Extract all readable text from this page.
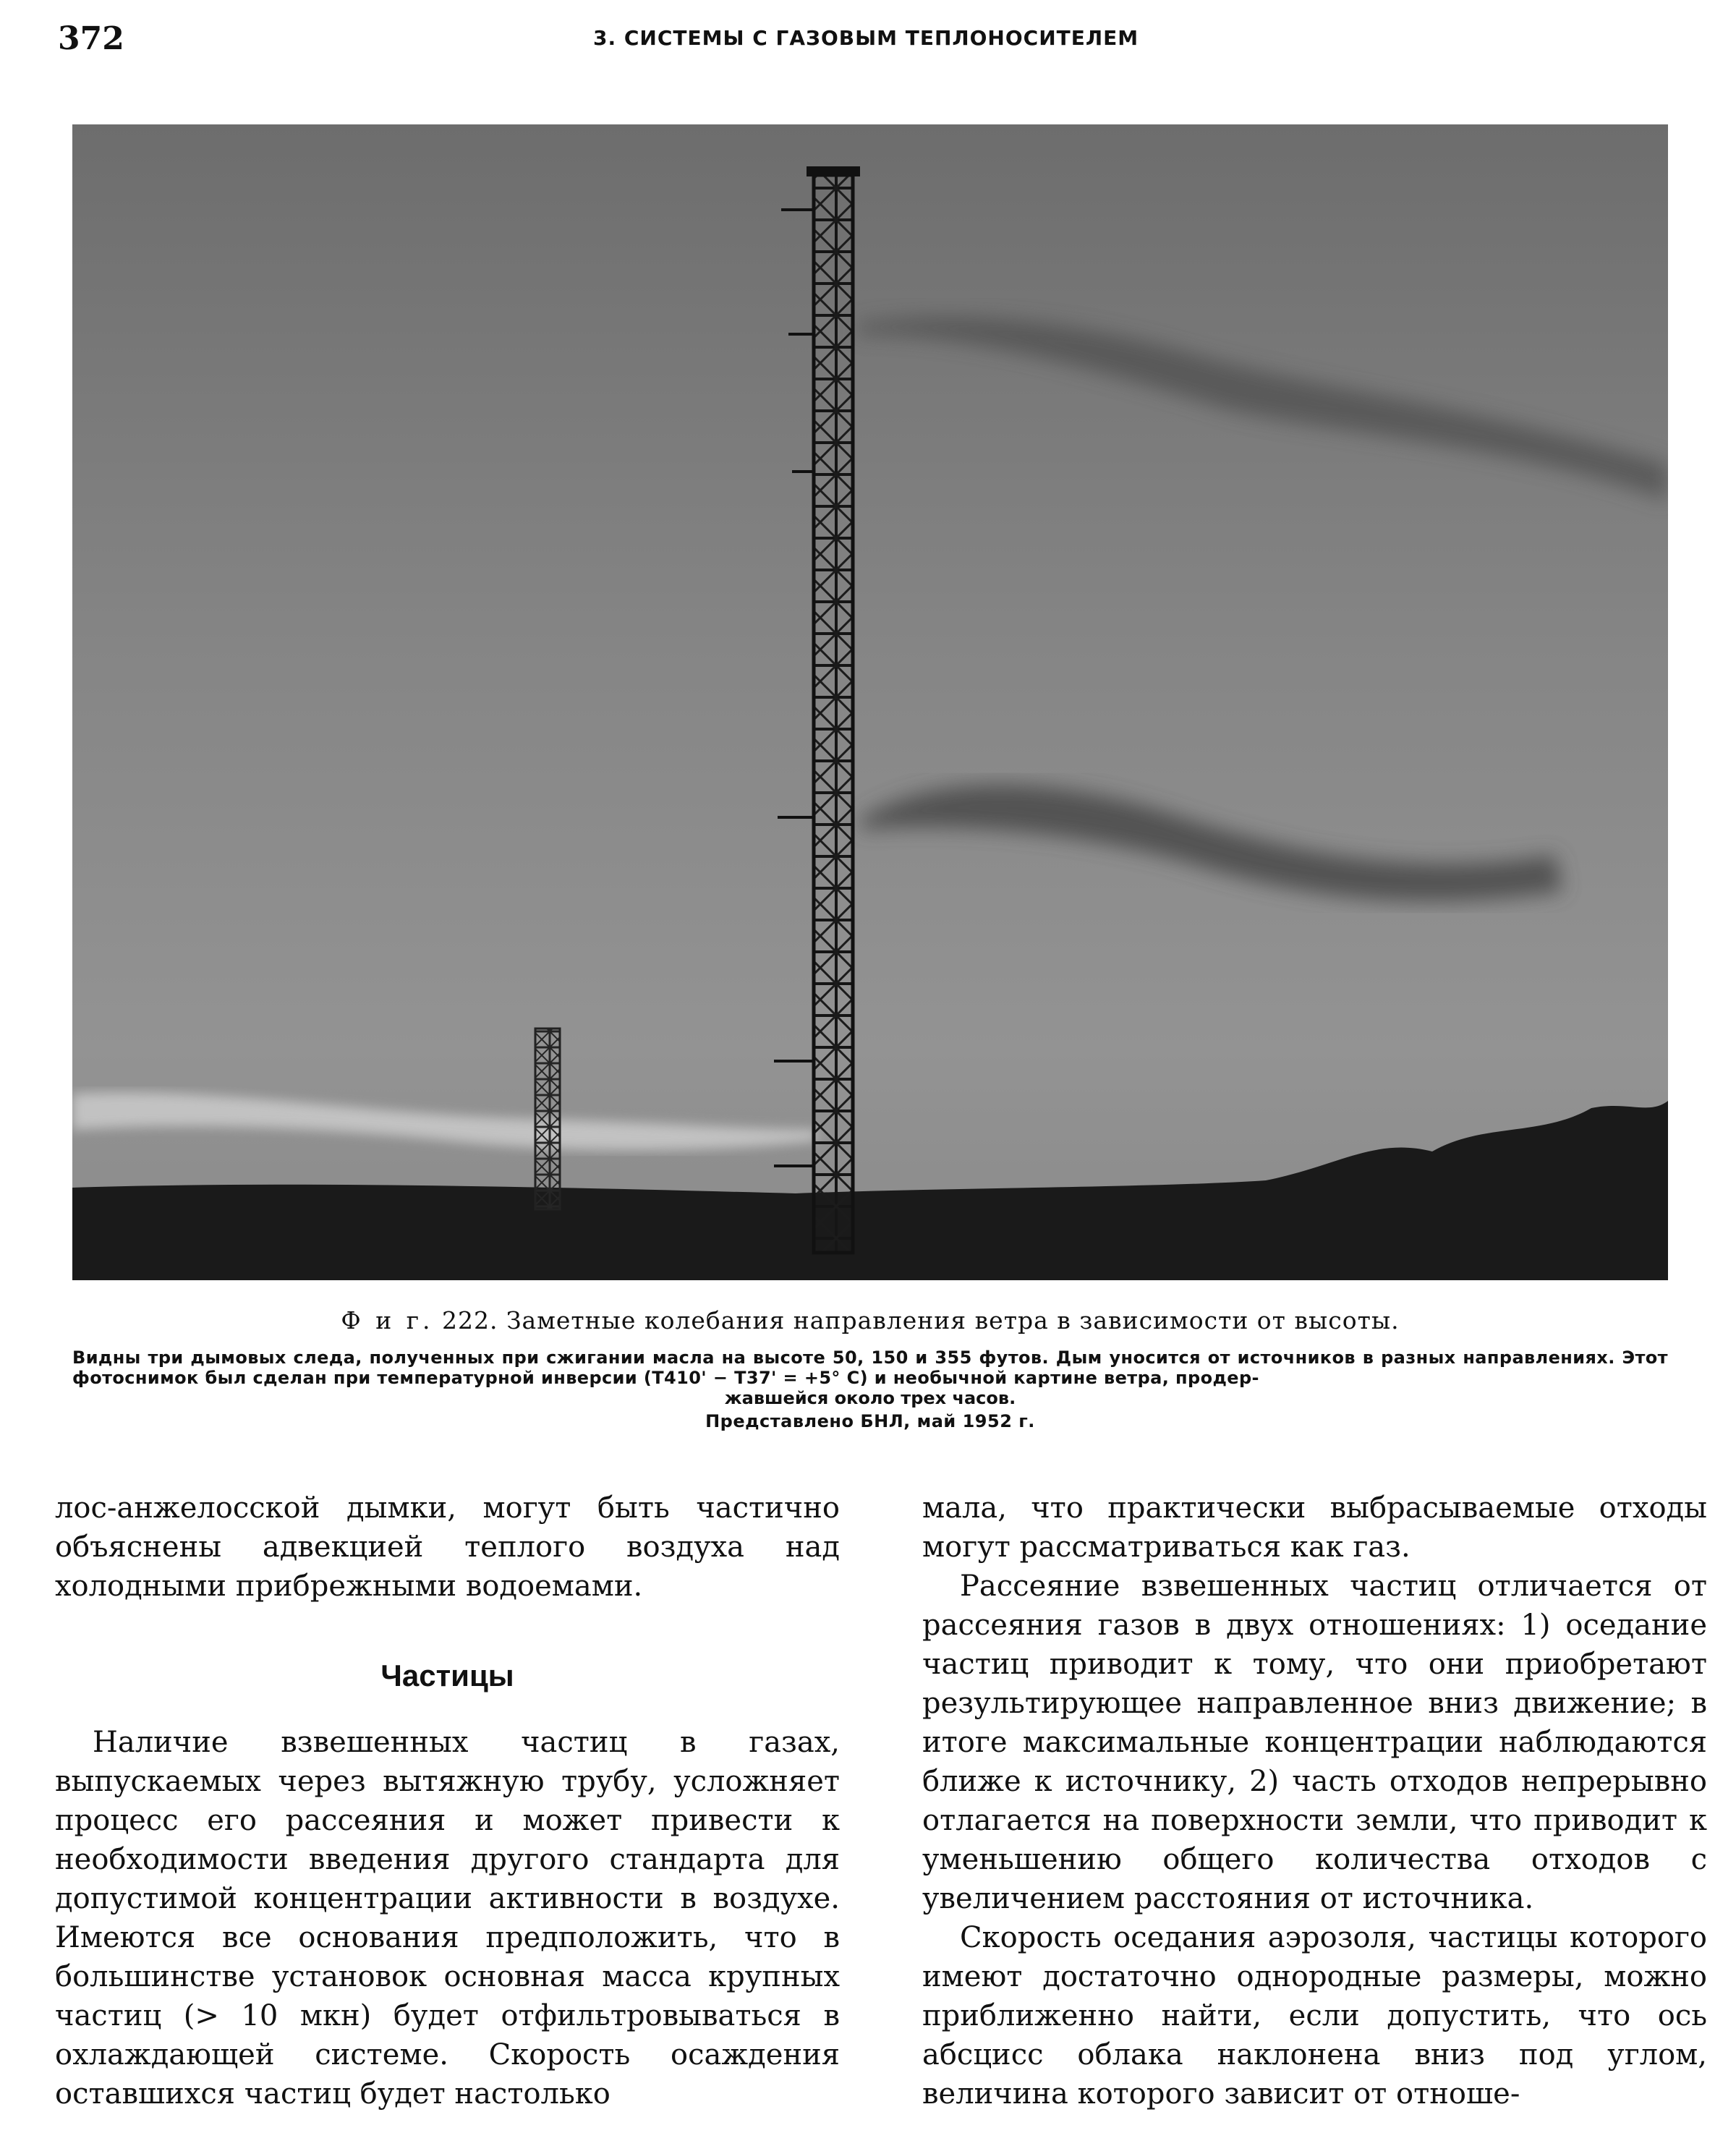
372	3. СИСТЕМЫ С ГАЗОВЫМ ТЕПЛОНОСИТЕЛЕМ
Ф и г. 222. Заметные колебания направления ветра в зависимости от высоты.
Видны три дымовых следа, полученных при сжигании масла на высоте 50, 150 и 355 футов. Дым уносится от источников в разных направлениях. Этот фотоснимок был сделан при температурной инверсии (T410' − T37' = +5° C) и необычной картине ветра, продер-
жавшейся около трех часов.
Представлено БНЛ, май 1952 г.

лос-анжелосской дымки, могут быть частично объяснены адвекцией теплого воздуха над холодными прибрежными водоемами.

Частицы

Наличие взвешенных частиц в газах, выпускаемых через вытяжную трубу, усложняет процесс его рассеяния и может привести к необходимости введения другого стандарта для допустимой концентрации активности в воздухе. Имеются все основания предположить, что в большинстве установок основная масса крупных частиц (> 10 мкн) будет отфильтровываться в охлаждающей системе. Скорость осаждения оставшихся частиц будет настолько

мала, что практически выбрасываемые отходы могут рассматриваться как газ.

Рассеяние взвешенных частиц отличается от рассеяния газов в двух отношениях: 1) оседание частиц приводит к тому, что они приобретают результирующее направленное вниз движение; в итоге максимальные концентрации наблюдаются ближе к источнику, 2) часть отходов непрерывно отлагается на поверхности земли, что приводит к уменьшению общего количества отходов с увеличением расстояния от источника.

Скорость оседания аэрозоля, частицы которого имеют достаточно однородные размеры, можно приближенно найти, если допустить, что ось абсцисс облака наклонена вниз под углом, величина которого зависит от отноше-
